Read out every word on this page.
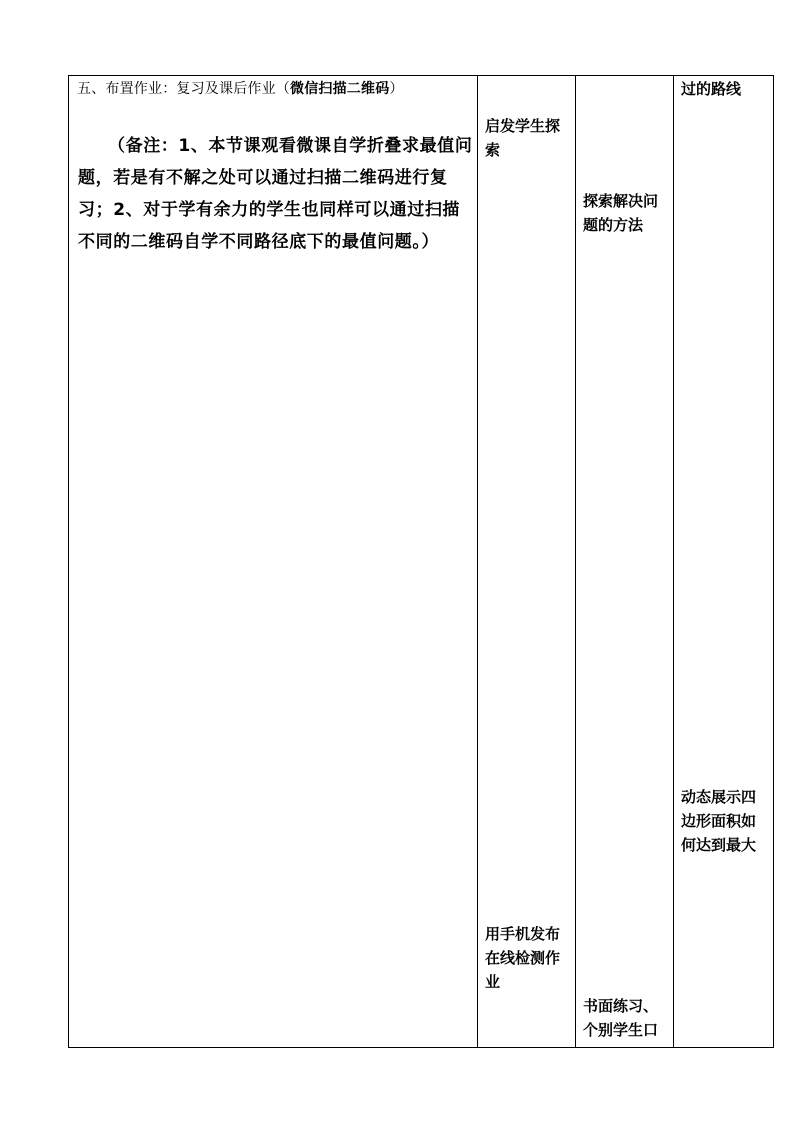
五、布置作业：复习及课后作业（微信扫描二维码）
（备注：1、本节课观看微课自学折叠求最值问题，若是有不解之处可以通过扫描二维码进行复习；2、对于学有余力的学生也同样可以通过扫描不同的二维码自学不同路径底下的最值问题。）

启发学生探索
用手机发布在线检测作业

探索解决问题的方法
书面练习、个别学生口

过的路线
动态展示四边形面积如何达到最大
